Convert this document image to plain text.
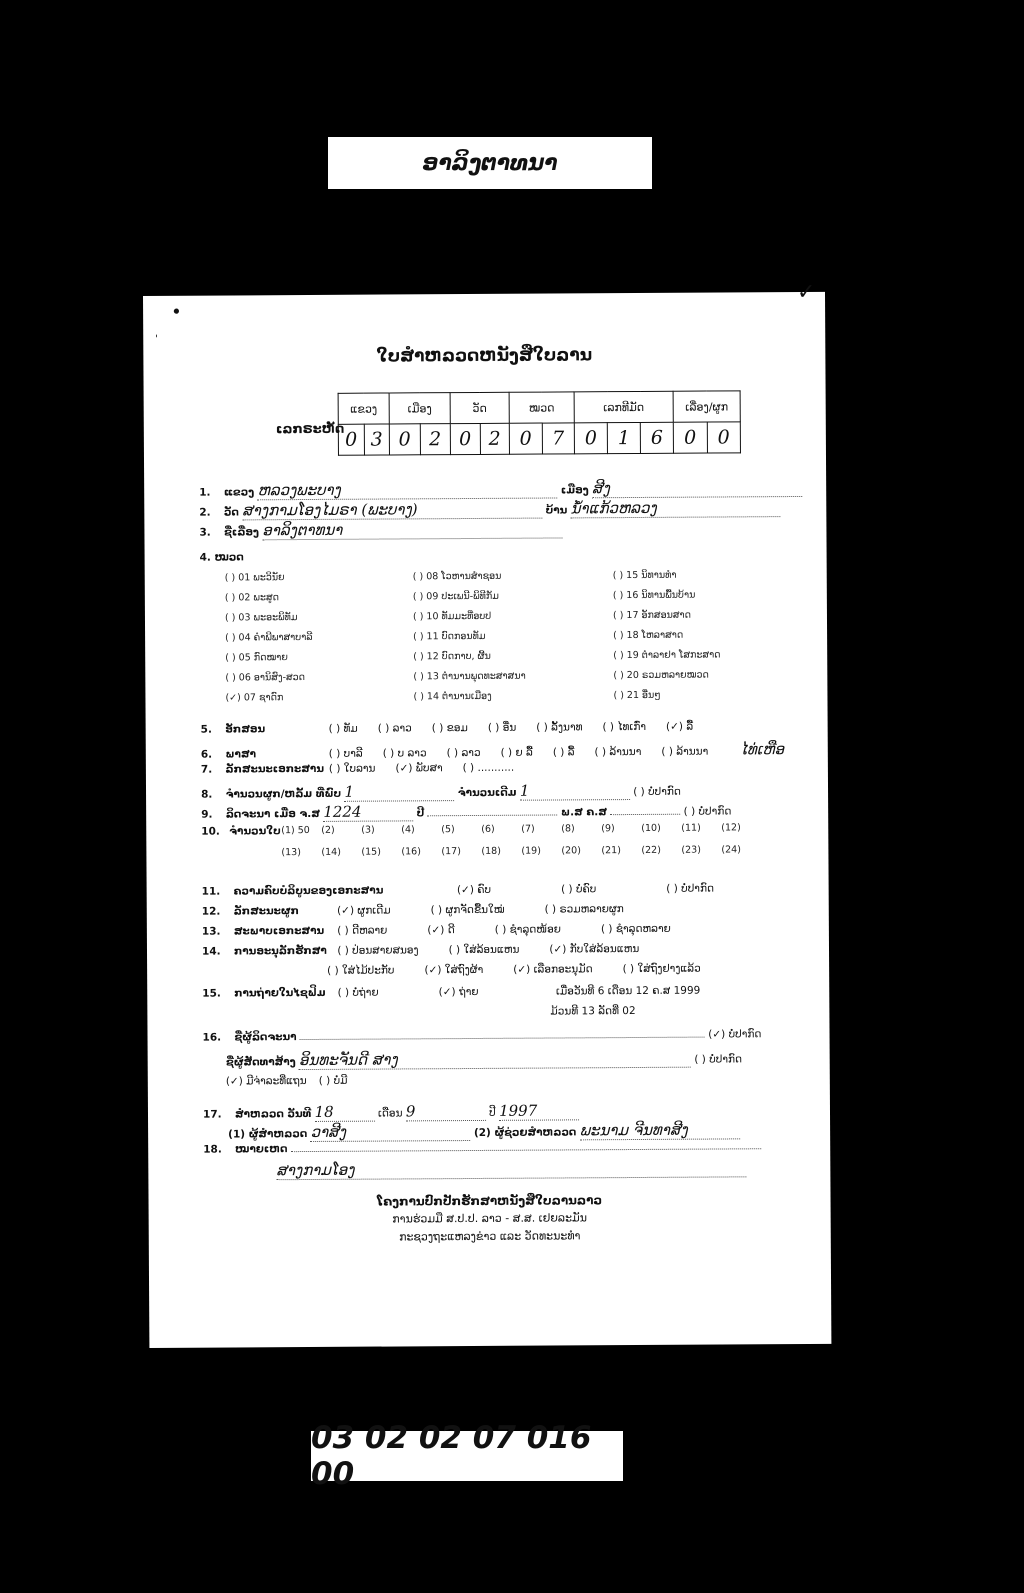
ອາລິງຕາທນາ
✓
•
'
ໃບສຳຫລວດຫນັງສືໃບລານ
ເລກຣະຫັດ
ແຂວງ		ເມືອງ		ວັດ		ໝວດ		ເລກທີມັດ			ເລື່ອງ/ຜູກ	
0	3	0	2	0	2	0	7	0	1	6	0	0
1. ແຂວງ ຫລວງພະບາງ	ເມືອງ ສີງ
2. ວັດ ສາງກາມໂອງໄມຣາ (ພະບາງ)	ບ້ານ ນ້ຳແກ້ວຫລວງ
3. ຊື່ເລື່ອງ ອາລິງຕາທນາ
4. ໝວດ
( ) 01 ພະວິນັຍ	( ) 08 ໂວຫານສຳຊອນ	( ) 15 ນິທານທຳ
( ) 02 ພະສູດ	( ) 09 ປະເພນີ-ພິທີກັມ	( ) 16 ນິທານພື້ນບ້ານ
( ) 03 ພະອະພິທັມ	( ) 10 ທັມມະທີ່ອບປ	( ) 17 ອັກສອນສາດ
( ) 04 ຄຳພີພາສາບາລີ	( ) 11 ບົດກອນທັມ	( ) 18 ໂຫລາສາດ
( ) 05 ກົດໝາຍ	( ) 12 ບົດກາບ, ຜີ້ນ	( ) 19 ຕຳລາຢາ ໂສກະສາດ
( ) 06 ອານິສົງ-ສວດ	( ) 13 ຕຳນານພຸດທະສາສນາ	( ) 20 ຣວມຫລາຍໝວດ
(✓) 07 ຊາດົກ	( ) 14 ຕຳນານເມືອງ	( ) 21 ອື່ນໆ
5. ອັກສອນ	( ) ທັມ ( ) ລາວ ( ) ຂອມ ( ) ອື່ນ ( ) ລັ້ງນາທ ( ) ໄທເກົ່າ (✓) ລື້
6. ພາສາ	( ) ບາລີ ( ) ບ ລາວ ( ) ລາວ ( ) ຍ ລື້ ( ) ລື້ ( ) ລ້ານນາ ( ) ລ້ານນາ ໄທ່ເຫືອ
7. ລັກສະນະເອກະສານ ( ) ໃບລານ (✓) ພັບສາ ( ) ...........
8. ຈຳນວນຜູກ/ຫລັ້ມ ທີ່ພົບ 1	ຈຳນວນເດີມ 1	( ) ບໍ່ປາກົດ
9. ລິດຈະນາ ເມື່ອ ຈ.ສ 1224	ປີ	ພ.ສ ຄ.ສ	( ) ບໍ່ປາກົດ
10. ຈຳນວນໃບ (1) 50 (2)	(3)	(4)	(5)	(6)	(7)	(8)	(9)	(10) (11) (12)
(13) (14) (15) (16) (17) (18) (19) (20) (21) (22) (23) (24)
11. ຄວາມຄົບບໍລິບູນຂອງເອກະສານ	(✓) ຄົບ	( ) ບໍ່ຄົບ	( ) ບໍ່ປາກົດ
12. ລັກສະນະຜູກ	(✓) ຜູກເດີມ	( ) ຜູກຈັດຂື້ນໃໝ່	( ) ຣວມຫລາຍຜູກ
13. ສະພາບເອກະສານ ( ) ດີຫລາຍ	(✓) ດີ	( ) ຊຳລຸດໜ້ອຍ	( ) ຊຳລຸດຫລາຍ
14. ການອະນຸລັກຮັກສາ ( ) ປ່ອນສາຍສນອງ	( ) ໃສ່ລ້ອນແຫນ	(✓) ກັບໃສ່ລ້ອນແຫນ
( ) ໃສ່ໄມ້ປະກັບ	(✓) ໃສ່ຖົງຜ້າ	(✓) ເລືອກອະນຸມັດ	( ) ໃສ່ຖົງຢາງແລ້ວ
15. ການຖ່າຍໃນໄຊຟິມ ( ) ບໍ່ຖ່າຍ	(✓) ຖ່າຍ	ເມື່ອວັນທີ 6 ເດືອນ 12 ຄ.ສ 1999
ມ້ວນທີ 13 ລັດທີ່ 02
16. ຊື່ຜູ້ລິດຈະນາ	(✓) ບໍ່ປາກົດ
ຊື່ຜູ້ສັດທາສ້າງ ອິນທະຈັນດີ ສາງ	( ) ບໍ່ປາກົດ
(✓) ມີຈ່າລະທີ່ແຖນ ( ) ບໍ່ມີ
17. ສຳຫລວດ ວັນທີ 18	ເດືອນ 9	ປີ 1997
(1) ຜູ້ສຳຫລວດ ວາສີງ	(2) ຜູ້ຊ່ວຍສຳຫລວດ ພະນາມ ຈີນທາສີງ
18. ໝາຍເຫດ
ສາງກາມໂອງ
ໂຄງການປົກປັກຮັກສາຫນັງສືໃບລານລາວ
ການຮ່ວມມື ສ.ປ.ປ. ລາວ - ສ.ສ. ເຢຍລະມັນ
ກະຊວງຖະແຫລງຂ່າວ ແລະ ວັດທະນະທຳ
03 02 02 07 016 00
